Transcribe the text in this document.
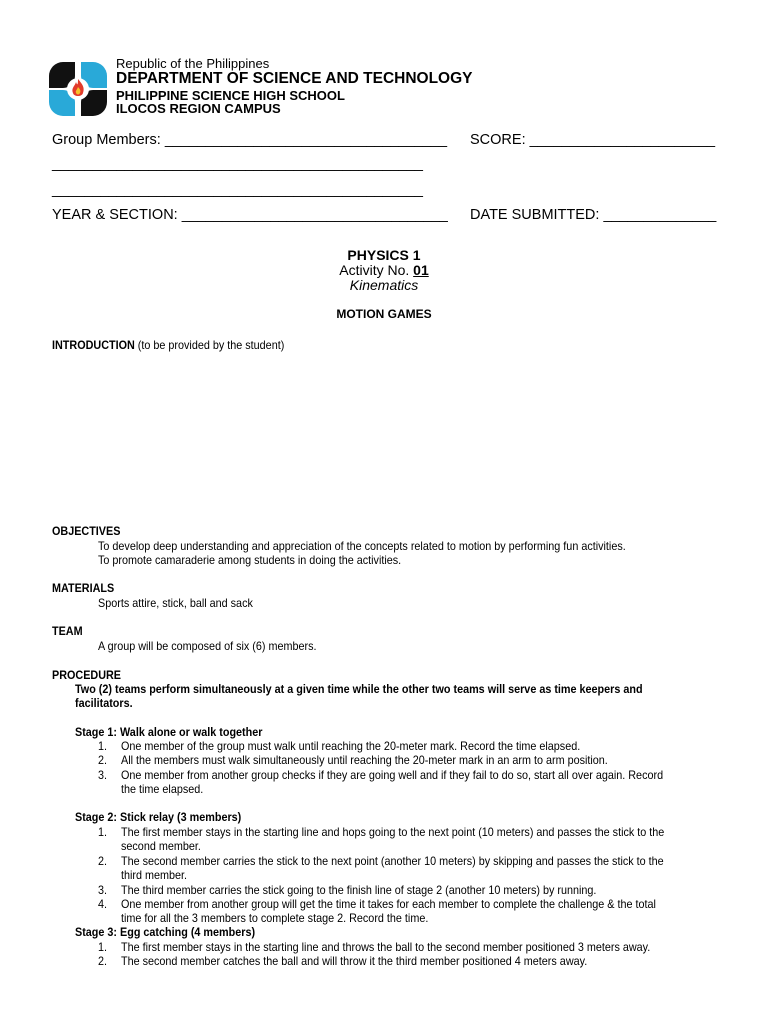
Republic of the Philippines
DEPARTMENT OF SCIENCE AND TECHNOLOGY
PHILIPPINE SCIENCE HIGH SCHOOL
ILOCOS REGION CAMPUS
Group Members: ___________________________________ SCORE: _______________________
______________________________________________
______________________________________________
YEAR & SECTION: _________________________________ DATE SUBMITTED: ______________
PHYSICS 1
Activity No. 01
Kinematics
MOTION GAMES
INTRODUCTION (to be provided by the student)
OBJECTIVES
To develop deep understanding and appreciation of the concepts related to motion by performing fun activities.
To promote camaraderie among students in doing the activities.
MATERIALS
Sports attire, stick, ball and sack
TEAM
A group will be composed of six (6) members.
PROCEDURE
Two (2) teams perform simultaneously at a given time while the other two teams will serve as time keepers and
facilitators.
Stage 1: Walk alone or walk together
1. One member of the group must walk until reaching the 20-meter mark. Record the time elapsed.
2. All the members must walk simultaneously until reaching the 20-meter mark in an arm to arm position.
3. One member from another group checks if they are going well and if they fail to do so, start all over again. Record
the time elapsed.
Stage 2: Stick relay (3 members)
1. The first member stays in the starting line and hops going to the next point (10 meters) and passes the stick to the
second member.
2. The second member carries the stick to the next point (another 10 meters) by skipping and passes the stick to the
third member.
3. The third member carries the stick going to the finish line of stage 2 (another 10 meters) by running.
4. One member from another group will get the time it takes for each member to complete the challenge & the total
time for all the 3 members to complete stage 2. Record the time.
Stage 3: Egg catching (4 members)
1. The first member stays in the starting line and throws the ball to the second member positioned 3 meters away.
2. The second member catches the ball and will throw it the third member positioned 4 meters away.
